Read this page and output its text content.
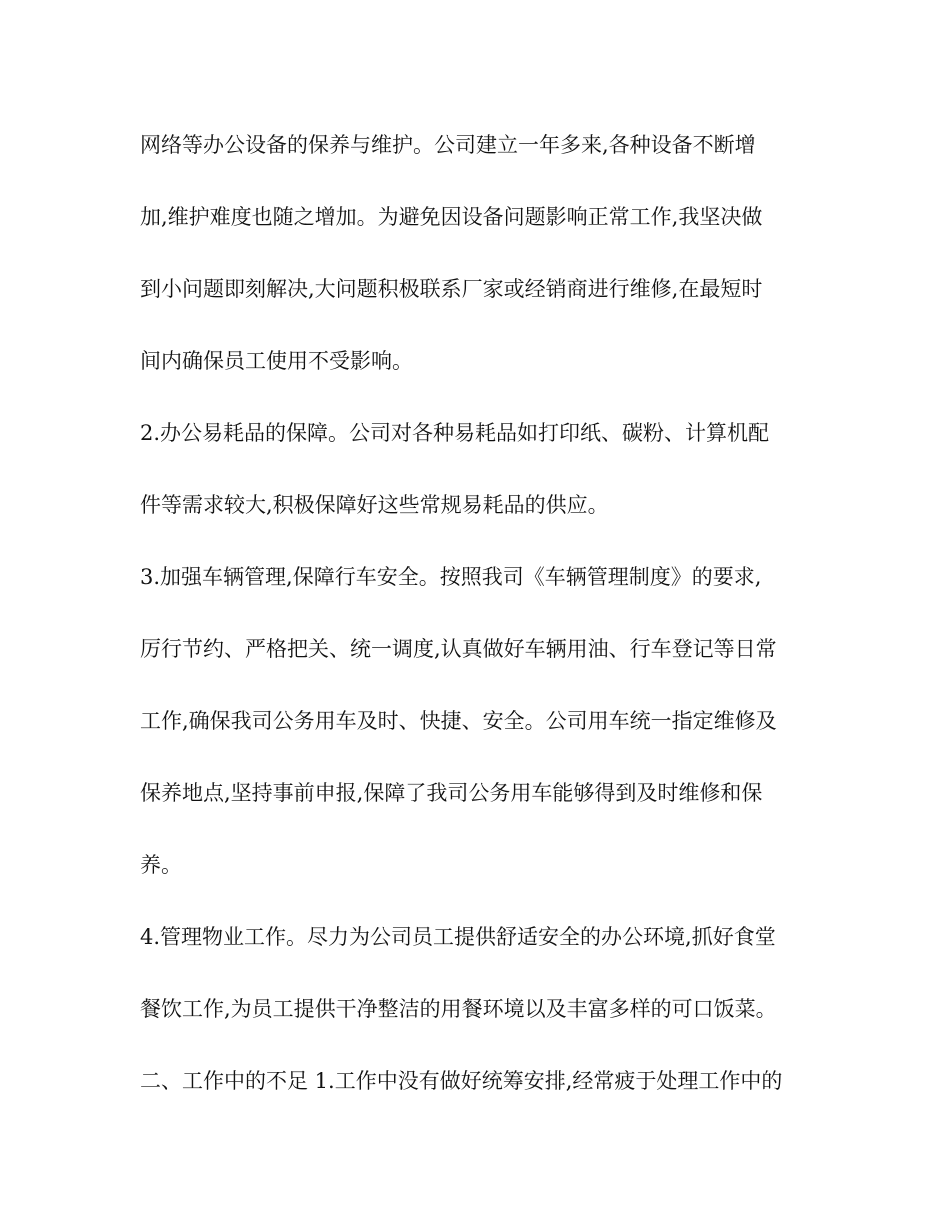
网络等办公设备的保养与维护。公司建立一年多来,各种设备不断增
加,维护难度也随之增加。为避免因设备问题影响正常工作,我坚决做
到小问题即刻解决,大问题积极联系厂家或经销商进行维修,在最短时
间内确保员工使用不受影响。
2.办公易耗品的保障。公司对各种易耗品如打印纸、碳粉、计算机配
件等需求较大,积极保障好这些常规易耗品的供应。
3.加强车辆管理,保障行车安全。按照我司《车辆管理制度》的要求,
厉行节约、严格把关、统一调度,认真做好车辆用油、行车登记等日常
工作,确保我司公务用车及时、快捷、安全。公司用车统一指定维修及
保养地点,坚持事前申报,保障了我司公务用车能够得到及时维修和保
养。
4.管理物业工作。尽力为公司员工提供舒适安全的办公环境,抓好食堂
餐饮工作,为员工提供干净整洁的用餐环境以及丰富多样的可口饭菜。
二、工作中的不足 1.工作中没有做好统筹安排,经常疲于处理工作中的
